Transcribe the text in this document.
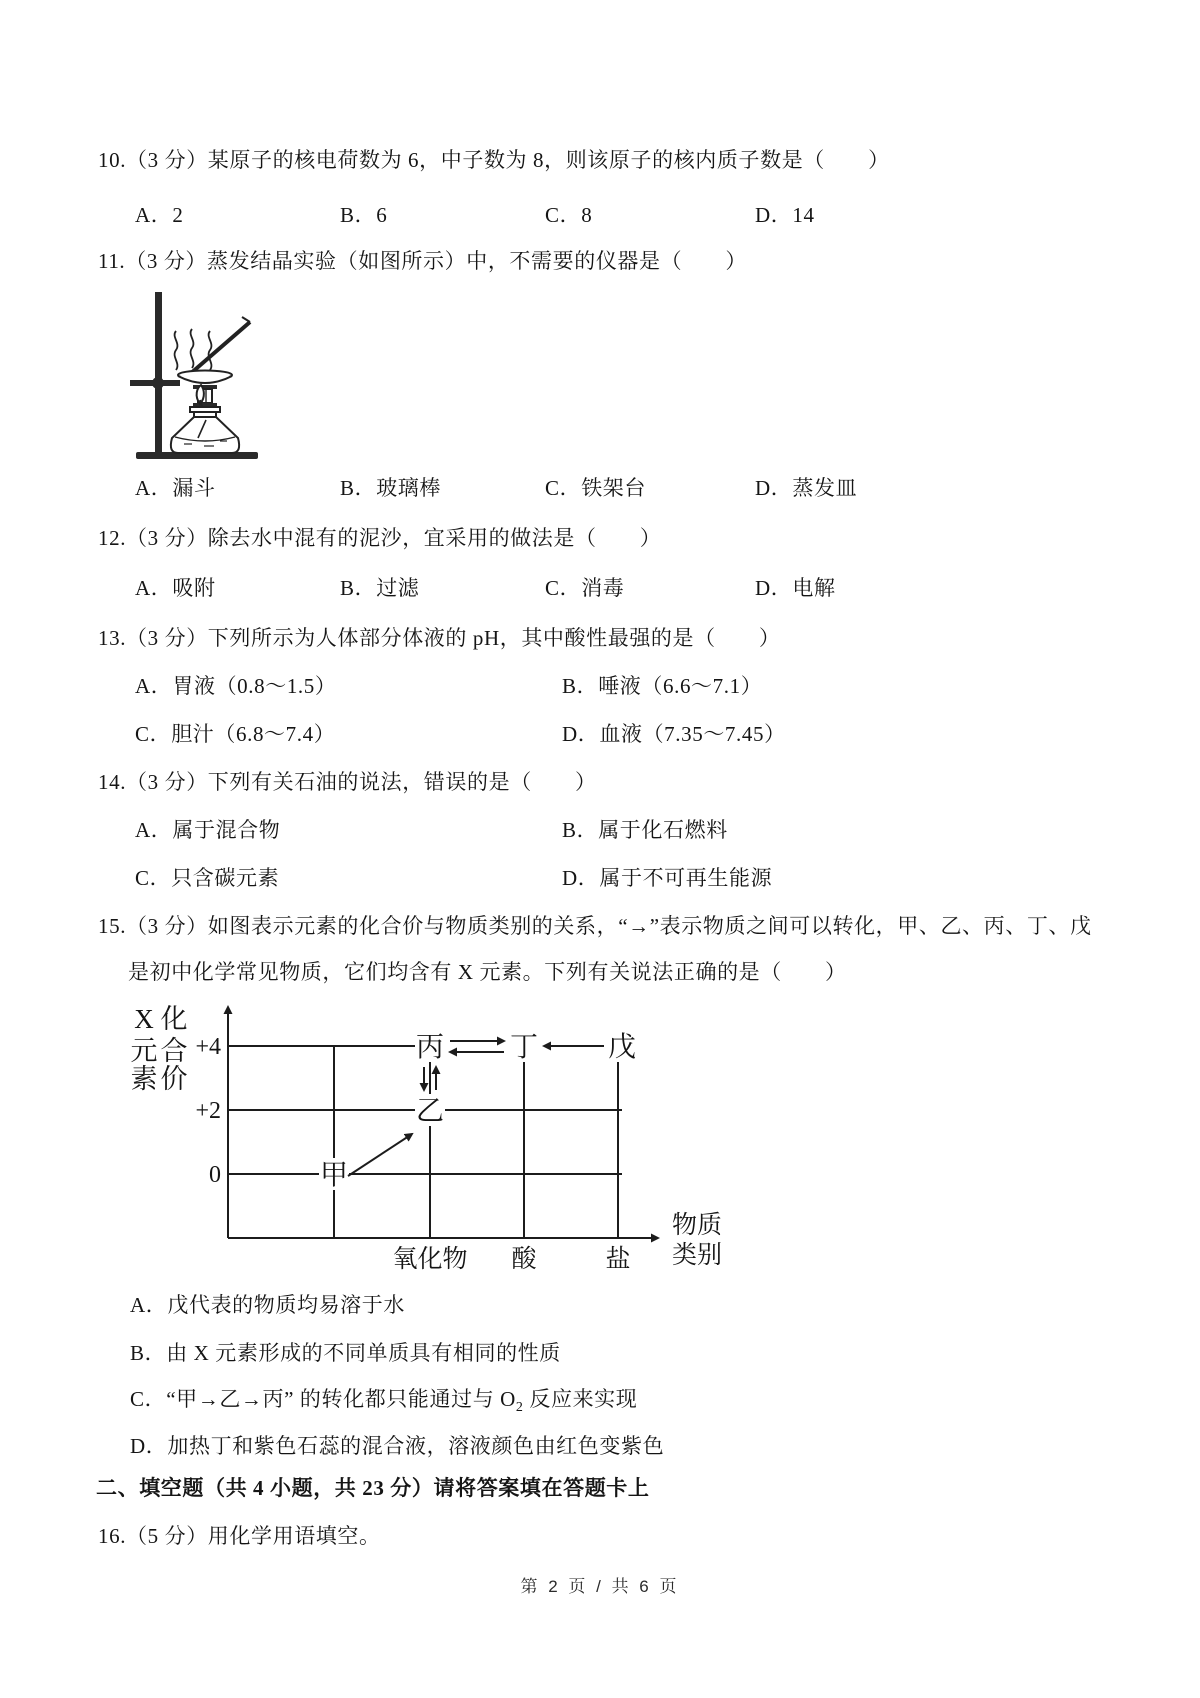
10.（3 分）某原子的核电荷数为 6，中子数为 8，则该原子的核内质子数是（　　）
A．2	B．6	C．8	D．14
11.（3 分）蒸发结晶实验（如图所示）中，不需要的仪器是（　　）
A．漏斗	B．玻璃棒	C．铁架台	D．蒸发皿
12.（3 分）除去水中混有的泥沙，宜采用的做法是（　　）
A．吸附	B．过滤	C．消毒	D．电解
13.（3 分）下列所示为人体部分体液的 pH，其中酸性最强的是（　　）
A．胃液（0.8～1.5）	B．唾液（6.6～7.1）
C．胆汁（6.8～7.4）	D．血液（7.35～7.45）
14.（3 分）下列有关石油的说法，错误的是（　　）
A．属于混合物	B．属于化石燃料
C．只含碳元素	D．属于不可再生能源
15.（3 分）如图表示元素的化合价与物质类别的关系，“→”表示物质之间可以转化，甲、乙、丙、丁、戊
是初中化学常见物质，它们均含有 X 元素。下列有关说法正确的是（　　）
X 化
元 合
素 价
+4
+2
0	甲
乙
丙 丁 戊
氧化物 酸	盐
物质
类别
A．戊代表的物质均易溶于水
B．由 X 元素形成的不同单质具有相同的性质
C．“甲→乙→丙” 的转化都只能通过与 $O_2$ 反应来实现
D．加热丁和紫色石蕊的混合液，溶液颜色由红色变紫色
二、填空题（共 4 小题，共 23 分）请将答案填在答题卡上
16.（5 分）用化学用语填空。
第 2 页 / 共 6 页
